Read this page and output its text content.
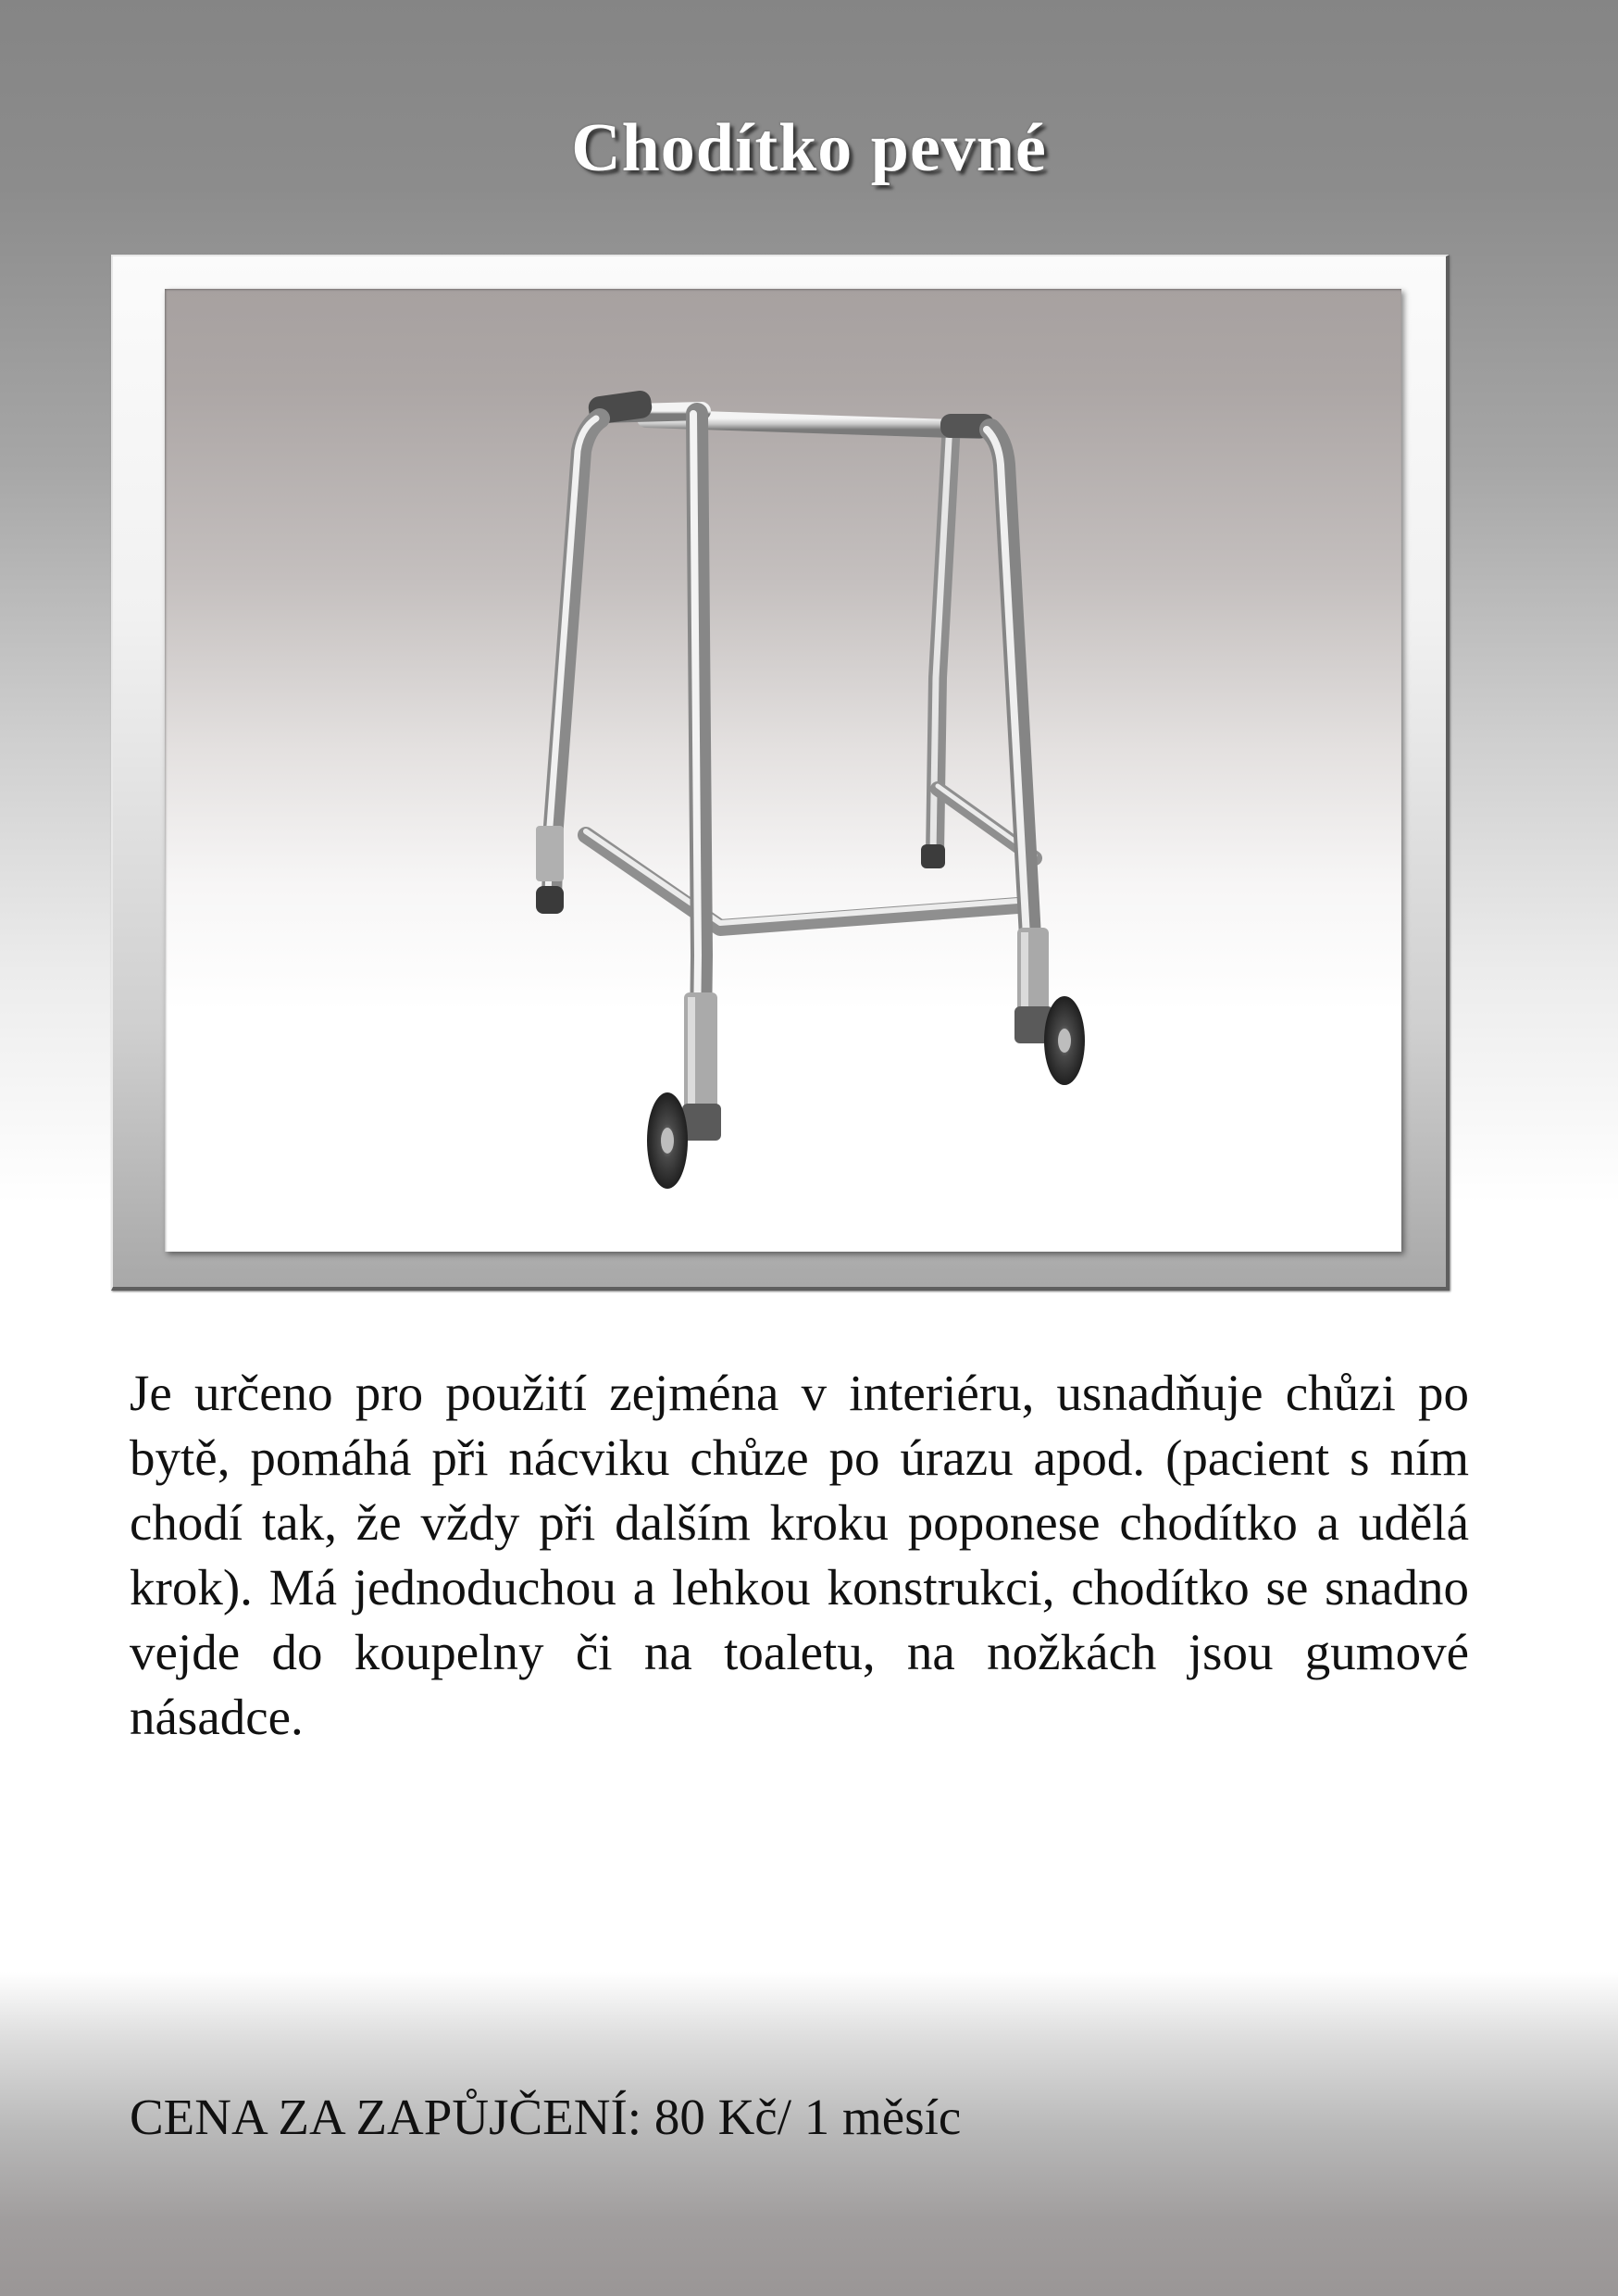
Chodítko pevné
Je určeno pro použití zejména v interiéru, usnadňuje chůzi po bytě, pomáhá při nácviku chůze po úrazu apod. (pacient s ním chodí tak, že vždy při dalším kroku poponese chodítko a udělá krok). Má jednoduchou a lehkou konstrukci, chodítko se snadno vejde do koupelny či na toaletu, na nožkách jsou gumové násadce.
CENA ZA ZAPŮJČENÍ: 80 Kč/ 1 měsíc
